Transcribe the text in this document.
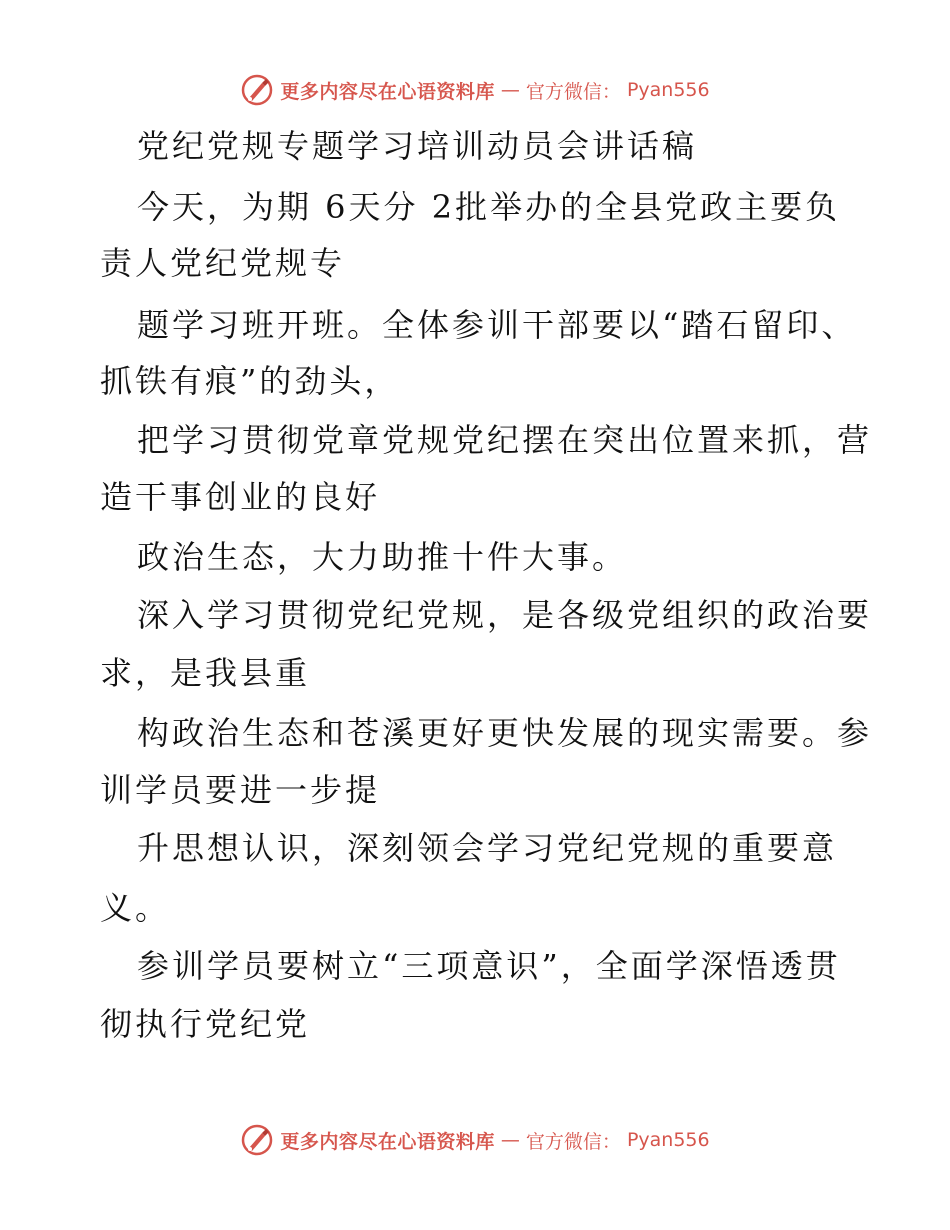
更多内容尽在心语资料库 — 官方微信： Pyan556
党纪党规专题学习培训动员会讲话稿
今天，为期 6天分 2批举办的全县党政主要负
责人党纪党规专
题学习班开班。全体参训干部要以“踏石留印、
抓铁有痕”的劲头，
把学习贯彻党章党规党纪摆在突出位置来抓，营
造干事创业的良好
政治生态，大力助推十件大事。
深入学习贯彻党纪党规，是各级党组织的政治要
求，是我县重
构政治生态和苍溪更好更快发展的现实需要。参
训学员要进一步提
升思想认识，深刻领会学习党纪党规的重要意
义。
参训学员要树立“三项意识”，全面学深悟透贯
彻执行党纪党
更多内容尽在心语资料库 — 官方微信： Pyan556
